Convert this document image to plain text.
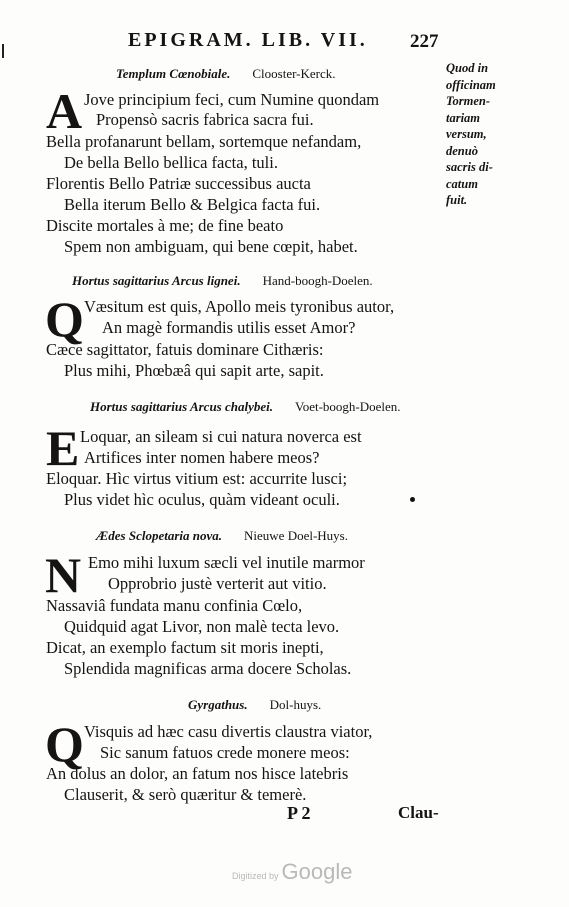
EPIGRAM. LIB. VII. 227
Quod in
officinam
Tormen-
tariam
versum,
denuò
sacris di-
catum
fuit.
Templum Cœnobiale. Clooster-Kerck.
A Jove principium feci, cum Numine quondam
Propensò sacris fabrica sacra fui.
Bella profanarunt bellam, sortemque nefandam,
De bella Bello bellica facta, tuli.
Florentis Bello Patriæ successibus aucta
Bella iterum Bello & Belgica facta fui.
Discite mortales à me; de fine beato
Spem non ambiguam, qui bene cœpit, habet.
Hortus sagittarius Arcus lignei. Hand-boogh-Doelen.
Q Væsitum est quis, Apollo meis tyronibus autor,
An magè formandis utilis esset Amor?
Cæce sagittator, fatuis dominare Cithæris:
Plus mihi, Phœbæâ qui sapit arte, sapit.
Hortus sagittarius Arcus chalybei. Voet-boogh-Doelen.
E Loquar, an sileam si cui natura noverca est
Artifices inter nomen habere meos?
Eloquar. Hìc virtus vitium est: accurrite lusci;
Plus videt hìc oculus, quàm videant oculi.
Ædes Sclopetaria nova. Nieuwe Doel-Huys.
N Emo mihi luxum sæcli vel inutile marmor
Opprobrio justè verterit aut vitio.
Nassaviâ fundata manu confinia Cœlo,
Quidquid agat Livor, non malè tecta levo.
Dicat, an exemplo factum sit moris inepti,
Splendida magnificas arma docere Scholas.
Gyrgathus. Dol-huys.
Q Visquis ad hæc casu divertis claustra viator,
Sic sanum fatuos crede monere meos:
An dolus an dolor, an fatum nos hisce latebris
Clauserit, & serò quæritur & temerè.
P 2	Clau-
Digitized by Google
